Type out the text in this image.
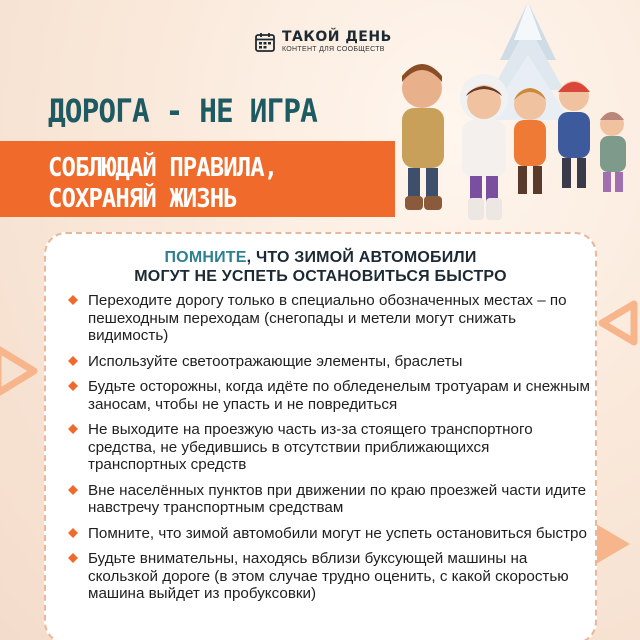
ТАКОЙ ДЕНЬ
КОНТЕНТ ДЛЯ СООБЩЕСТВ
ДОРОГА - НЕ ИГРА
СОБЛЮДАЙ ПРАВИЛА,
СОХРАНЯЙ ЖИЗНЬ
ПОМНИТЕ, ЧТО ЗИМОЙ АВТОМОБИЛИ
МОГУТ НЕ УСПЕТЬ ОСТАНОВИТЬСЯ БЫСТРО
Переходите дорогу только в специально обозначенных местах – по пешеходным переходам (снегопады и метели могут снижать видимость)
Используйте светоотражающие элементы, браслеты
Будьте осторожны, когда идёте по обледенелым тротуарам и снежным заносам, чтобы не упасть и не повредиться
Не выходите на проезжую часть из-за стоящего транспортного средства, не убедившись в отсутствии приближающихся транспортных средств
Вне населённых пунктов при движении по краю проезжей части идите навстречу транспортным средствам
Помните, что зимой автомобили могут не успеть остановиться быстро
Будьте внимательны, находясь вблизи буксующей машины на скользкой дороге (в этом случае трудно оценить, с какой скоростью машина выйдет из пробуксовки)
